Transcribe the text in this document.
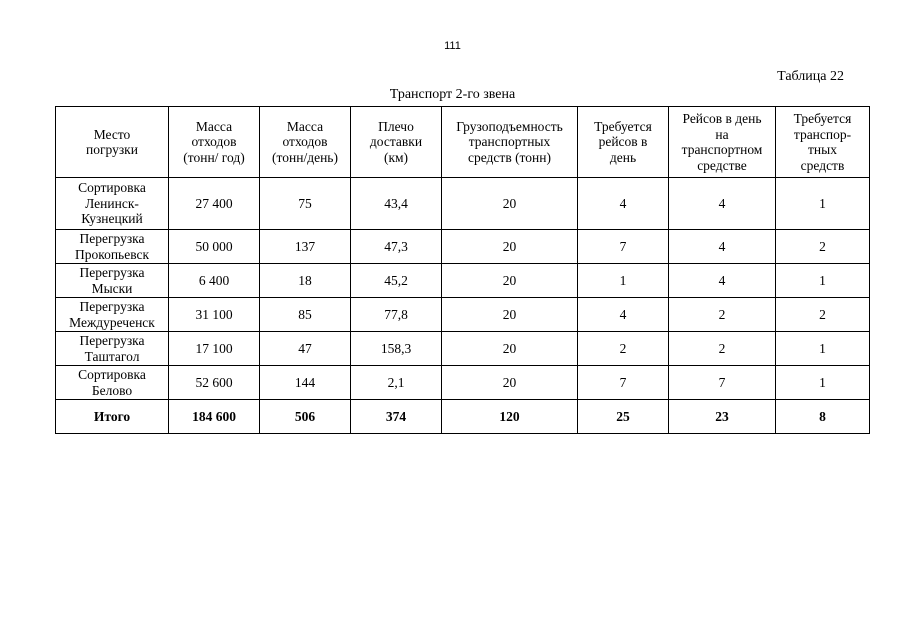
111
Таблица 22
Транспорт 2-го звена
Место
погрузки	Масса
отходов
(тонн/ год)	Масса
отходов
(тонн/день)	Плечо
доставки
(км)	Грузоподъемность
транспортных
средств (тонн)	Требуется
рейсов в
день	Рейсов в день
на
транспортном
средстве	Требуется
транспор-
тных
средств
Сортировка
Ленинск-
Кузнецкий	27 400	75	43,4	20	4	4	1
Перегрузка
Прокопьевск	50 000	137	47,3	20	7	4	2
Перегрузка
Мыски	6 400	18	45,2	20	1	4	1
Перегрузка
Междуреченск	31 100	85	77,8	20	4	2	2
Перегрузка
Таштагол	17 100	47	158,3	20	2	2	1
Сортировка
Белово	52 600	144	2,1	20	7	7	1
Итого	184 600	506	374	120	25	23	8
